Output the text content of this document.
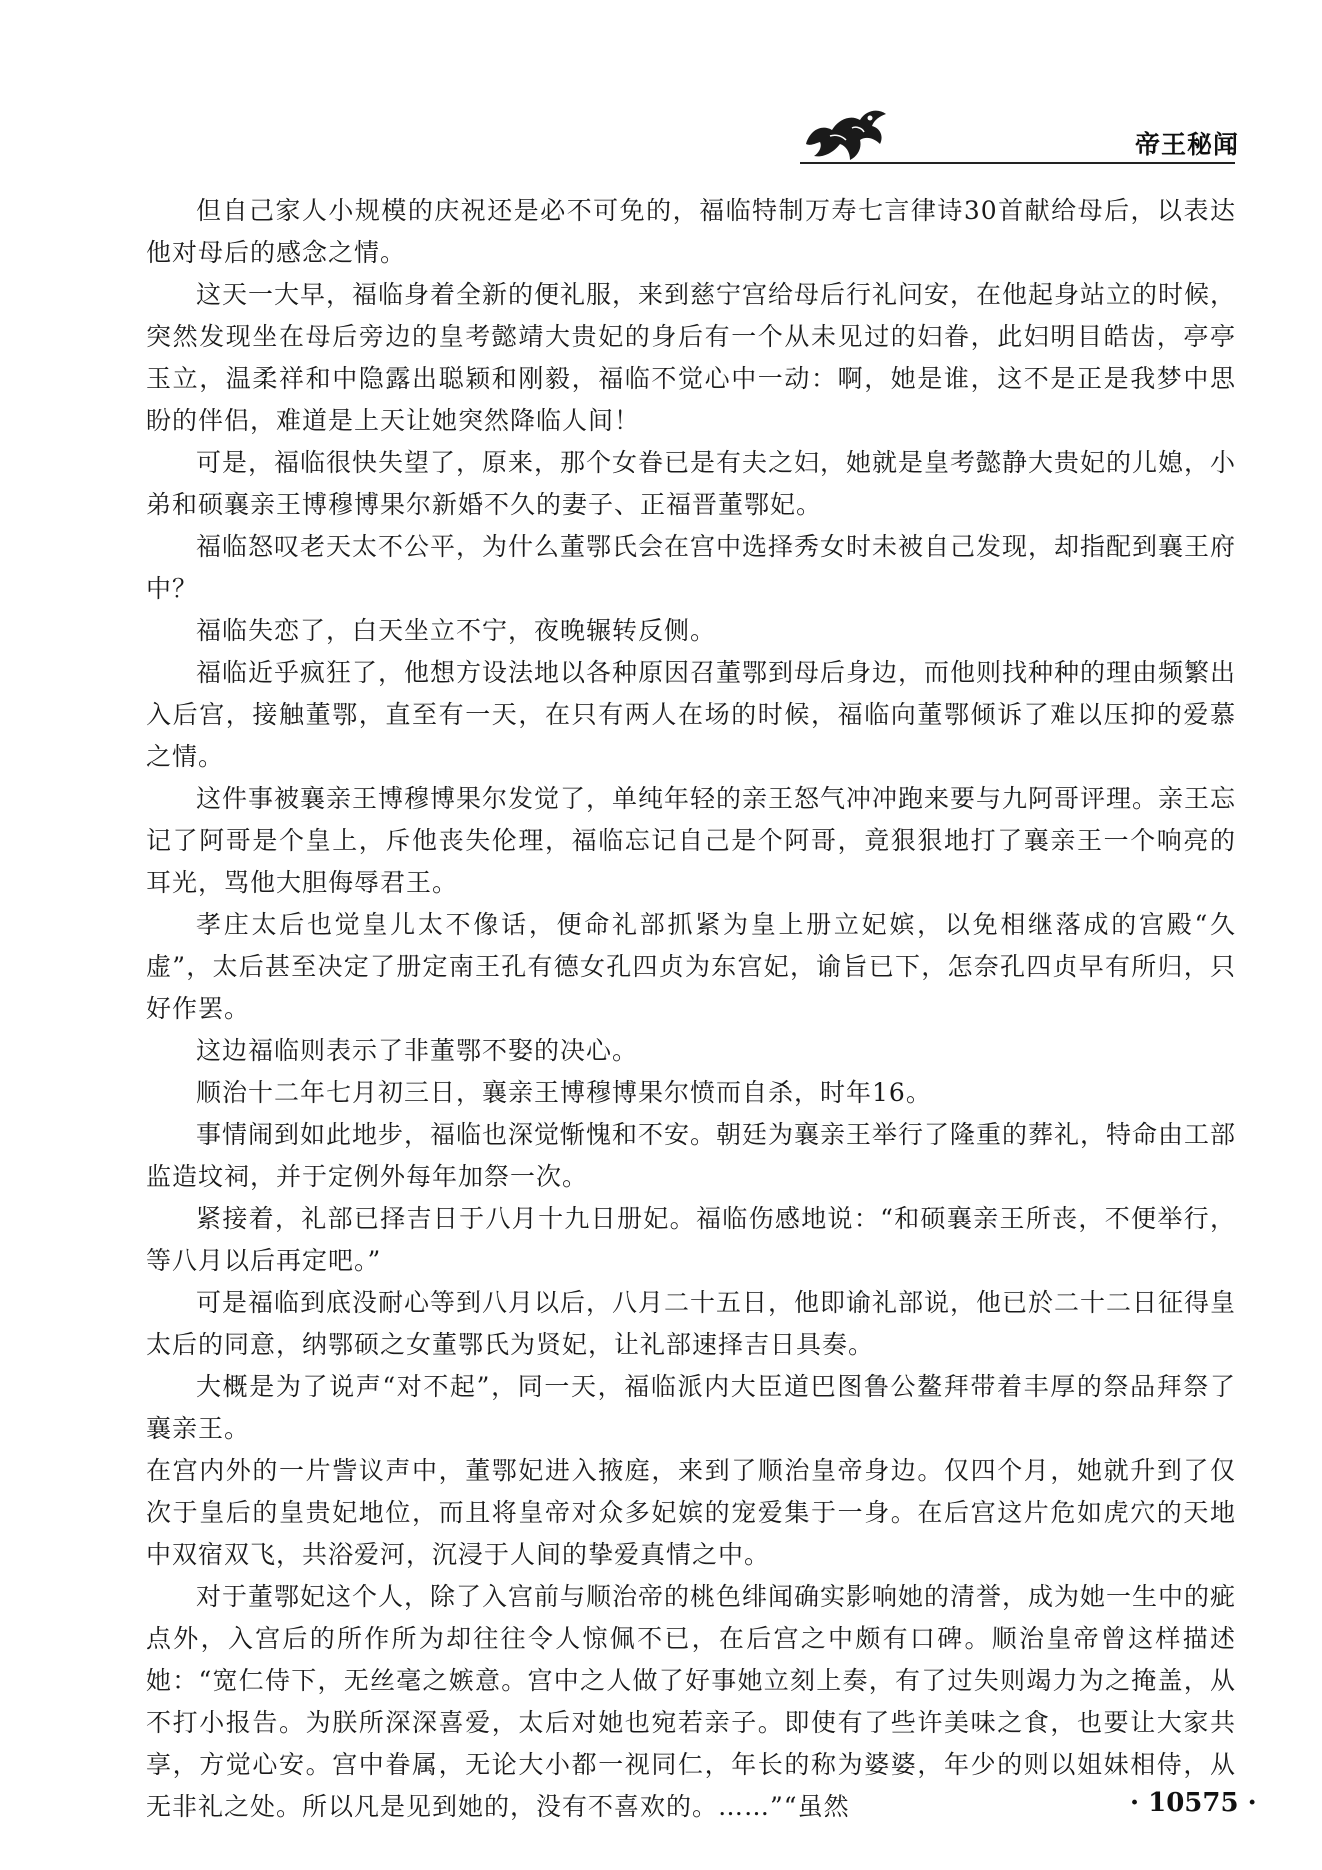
帝王秘闻

但自己家人小规模的庆祝还是必不可免的，福临特制万寿七言律诗30首献给母后，以表达他对母后的感念之情。

这天一大早，福临身着全新的便礼服，来到慈宁宫给母后行礼问安，在他起身站立的时候，突然发现坐在母后旁边的皇考懿靖大贵妃的身后有一个从未见过的妇眷，此妇明目皓齿，亭亭玉立，温柔祥和中隐露出聪颖和刚毅，福临不觉心中一动：啊，她是谁，这不是正是我梦中思盼的伴侣，难道是上天让她突然降临人间！

可是，福临很快失望了，原来，那个女眷已是有夫之妇，她就是皇考懿静大贵妃的儿媳，小弟和硕襄亲王博穆博果尔新婚不久的妻子、正福晋董鄂妃。

福临怒叹老天太不公平，为什么董鄂氏会在宫中选择秀女时未被自己发现，却指配到襄王府中？

福临失恋了，白天坐立不宁，夜晚辗转反侧。

福临近乎疯狂了，他想方设法地以各种原因召董鄂到母后身边，而他则找种种的理由频繁出入后宫，接触董鄂，直至有一天，在只有两人在场的时候，福临向董鄂倾诉了难以压抑的爱慕之情。

这件事被襄亲王博穆博果尔发觉了，单纯年轻的亲王怒气冲冲跑来要与九阿哥评理。亲王忘记了阿哥是个皇上，斥他丧失伦理，福临忘记自己是个阿哥，竟狠狠地打了襄亲王一个响亮的耳光，骂他大胆侮辱君王。

孝庄太后也觉皇儿太不像话，便命礼部抓紧为皇上册立妃嫔，以免相继落成的宫殿“久虚”，太后甚至决定了册定南王孔有德女孔四贞为东宫妃，谕旨已下，怎奈孔四贞早有所归，只好作罢。

这边福临则表示了非董鄂不娶的决心。

顺治十二年七月初三日，襄亲王博穆博果尔愤而自杀，时年16。

事情闹到如此地步，福临也深觉惭愧和不安。朝廷为襄亲王举行了隆重的葬礼，特命由工部监造坟祠，并于定例外每年加祭一次。

紧接着，礼部已择吉日于八月十九日册妃。福临伤感地说：“和硕襄亲王所丧，不便举行，等八月以后再定吧。”

可是福临到底没耐心等到八月以后，八月二十五日，他即谕礼部说，他已於二十二日征得皇太后的同意，纳鄂硕之女董鄂氏为贤妃，让礼部速择吉日具奏。

大概是为了说声“对不起”，同一天，福临派内大臣道巴图鲁公鳌拜带着丰厚的祭品拜祭了襄亲王。

在宫内外的一片訾议声中，董鄂妃进入掖庭，来到了顺治皇帝身边。仅四个月，她就升到了仅次于皇后的皇贵妃地位，而且将皇帝对众多妃嫔的宠爱集于一身。在后宫这片危如虎穴的天地中双宿双飞，共浴爱河，沉浸于人间的挚爱真情之中。

对于董鄂妃这个人，除了入宫前与顺治帝的桃色绯闻确实影响她的清誉，成为她一生中的疵点外，入宫后的所作所为却往往令人惊佩不已，在后宫之中颇有口碑。顺治皇帝曾这样描述她：“宽仁侍下，无丝毫之嫉意。宫中之人做了好事她立刻上奏，有了过失则竭力为之掩盖，从不打小报告。为朕所深深喜爱，太后对她也宛若亲子。即使有了些许美味之食，也要让大家共享，方觉心安。宫中眷属，无论大小都一视同仁，年长的称为婆婆，年少的则以姐妹相侍，从无非礼之处。所以凡是见到她的，没有不喜欢的。……”“虽然	· 10575 ·
